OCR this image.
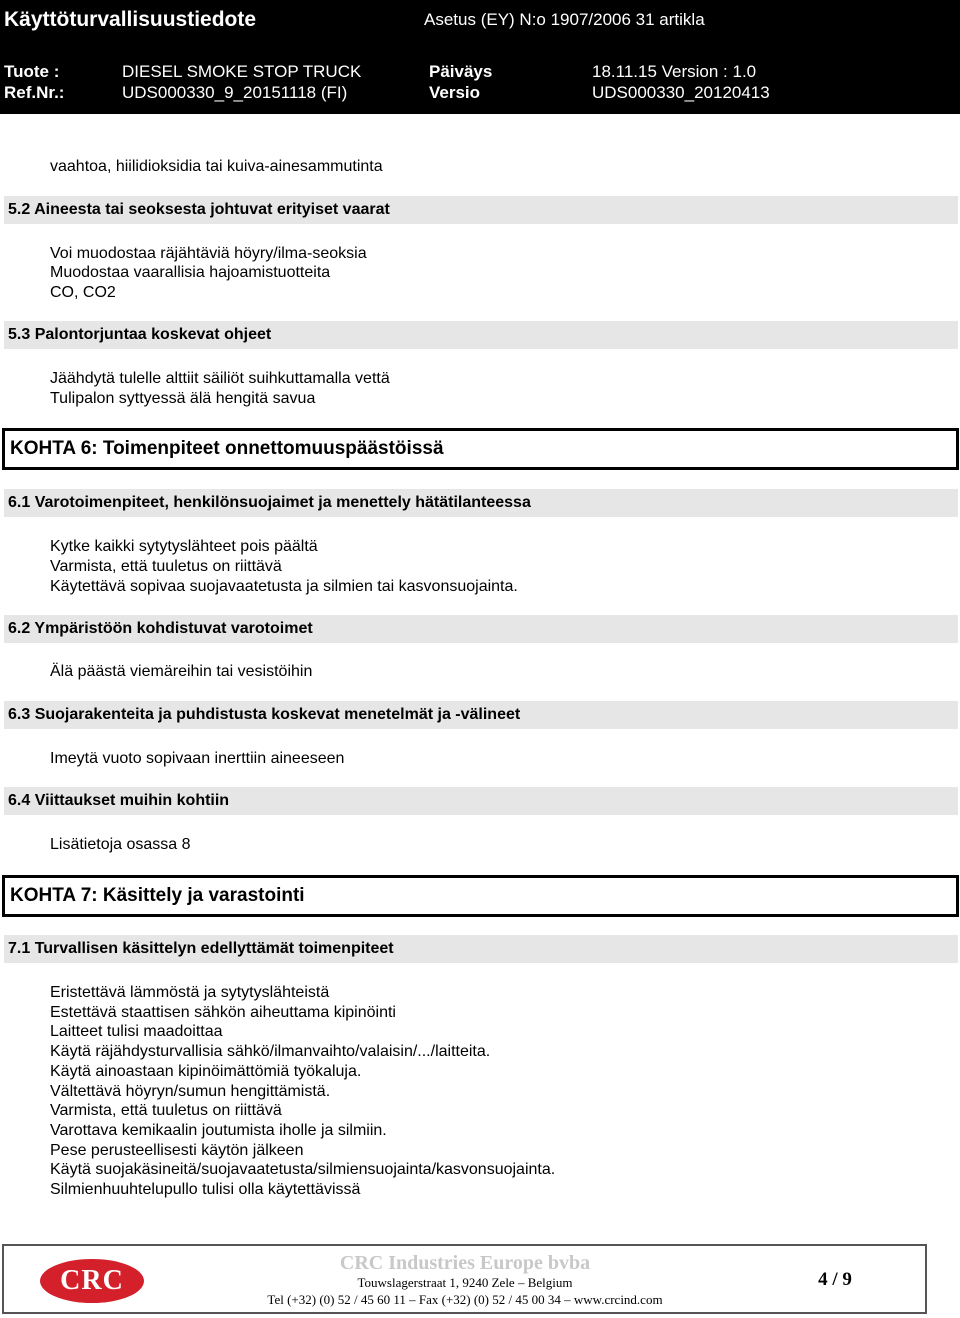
Käyttöturvallisuustiedote	Asetus (EY) N:o 1907/2006 31 artikla
Tuote :	DIESEL SMOKE STOP TRUCK	Päiväys	18.11.15 Version : 1.0
Ref.Nr.:	UDS000330_9_20151118 (FI)	Versio	UDS000330_20120413
vaahtoa, hiilidioksidia tai kuiva-ainesammutinta
5.2 Aineesta tai seoksesta johtuvat erityiset vaarat
Voi muodostaa räjähtäviä höyry/ilma-seoksia
Muodostaa vaarallisia hajoamistuotteita
CO, CO2
5.3 Palontorjuntaa koskevat ohjeet
Jäähdytä tulelle alttiit säiliöt suihkuttamalla vettä
Tulipalon syttyessä älä hengitä savua
KOHTA 6: Toimenpiteet onnettomuuspäästöissä
6.1 Varotoimenpiteet, henkilönsuojaimet ja menettely hätätilanteessa
Kytke kaikki sytytyslähteet pois päältä
Varmista, että tuuletus on riittävä
Käytettävä sopivaa suojavaatetusta ja silmien tai kasvonsuojainta.
6.2 Ympäristöön kohdistuvat varotoimet
Älä päästä viemäreihin tai vesistöihin
6.3 Suojarakenteita ja puhdistusta koskevat menetelmät ja -välineet
Imeytä vuoto sopivaan inerttiin aineeseen
6.4 Viittaukset muihin kohtiin
Lisätietoja osassa 8
KOHTA 7: Käsittely ja varastointi
7.1 Turvallisen käsittelyn edellyttämät toimenpiteet
Eristettävä lämmöstä ja sytytyslähteistä
Estettävä staattisen sähkön aiheuttama kipinöinti
Laitteet tulisi maadoittaa
Käytä räjähdysturvallisia sähkö/ilmanvaihto/valaisin/.../laitteita.
Käytä ainoastaan kipinöimättömiä työkaluja.
Vältettävä höyryn/sumun hengittämistä.
Varmista, että tuuletus on riittävä
Varottava kemikaalin joutumista iholle ja silmiin.
Pese perusteellisesti käytön jälkeen
Käytä suojakäsineitä/suojavaatetusta/silmiensuojainta/kasvonsuojainta.
Silmienhuuhtelupullo tulisi olla käytettävissä
CRC
CRC Industries Europe bvba
Touwslagerstraat 1, 9240 Zele – Belgium
Tel (+32) (0) 52 / 45 60 11 – Fax (+32) (0) 52 / 45 00 34 – www.crcind.com
4 / 9
